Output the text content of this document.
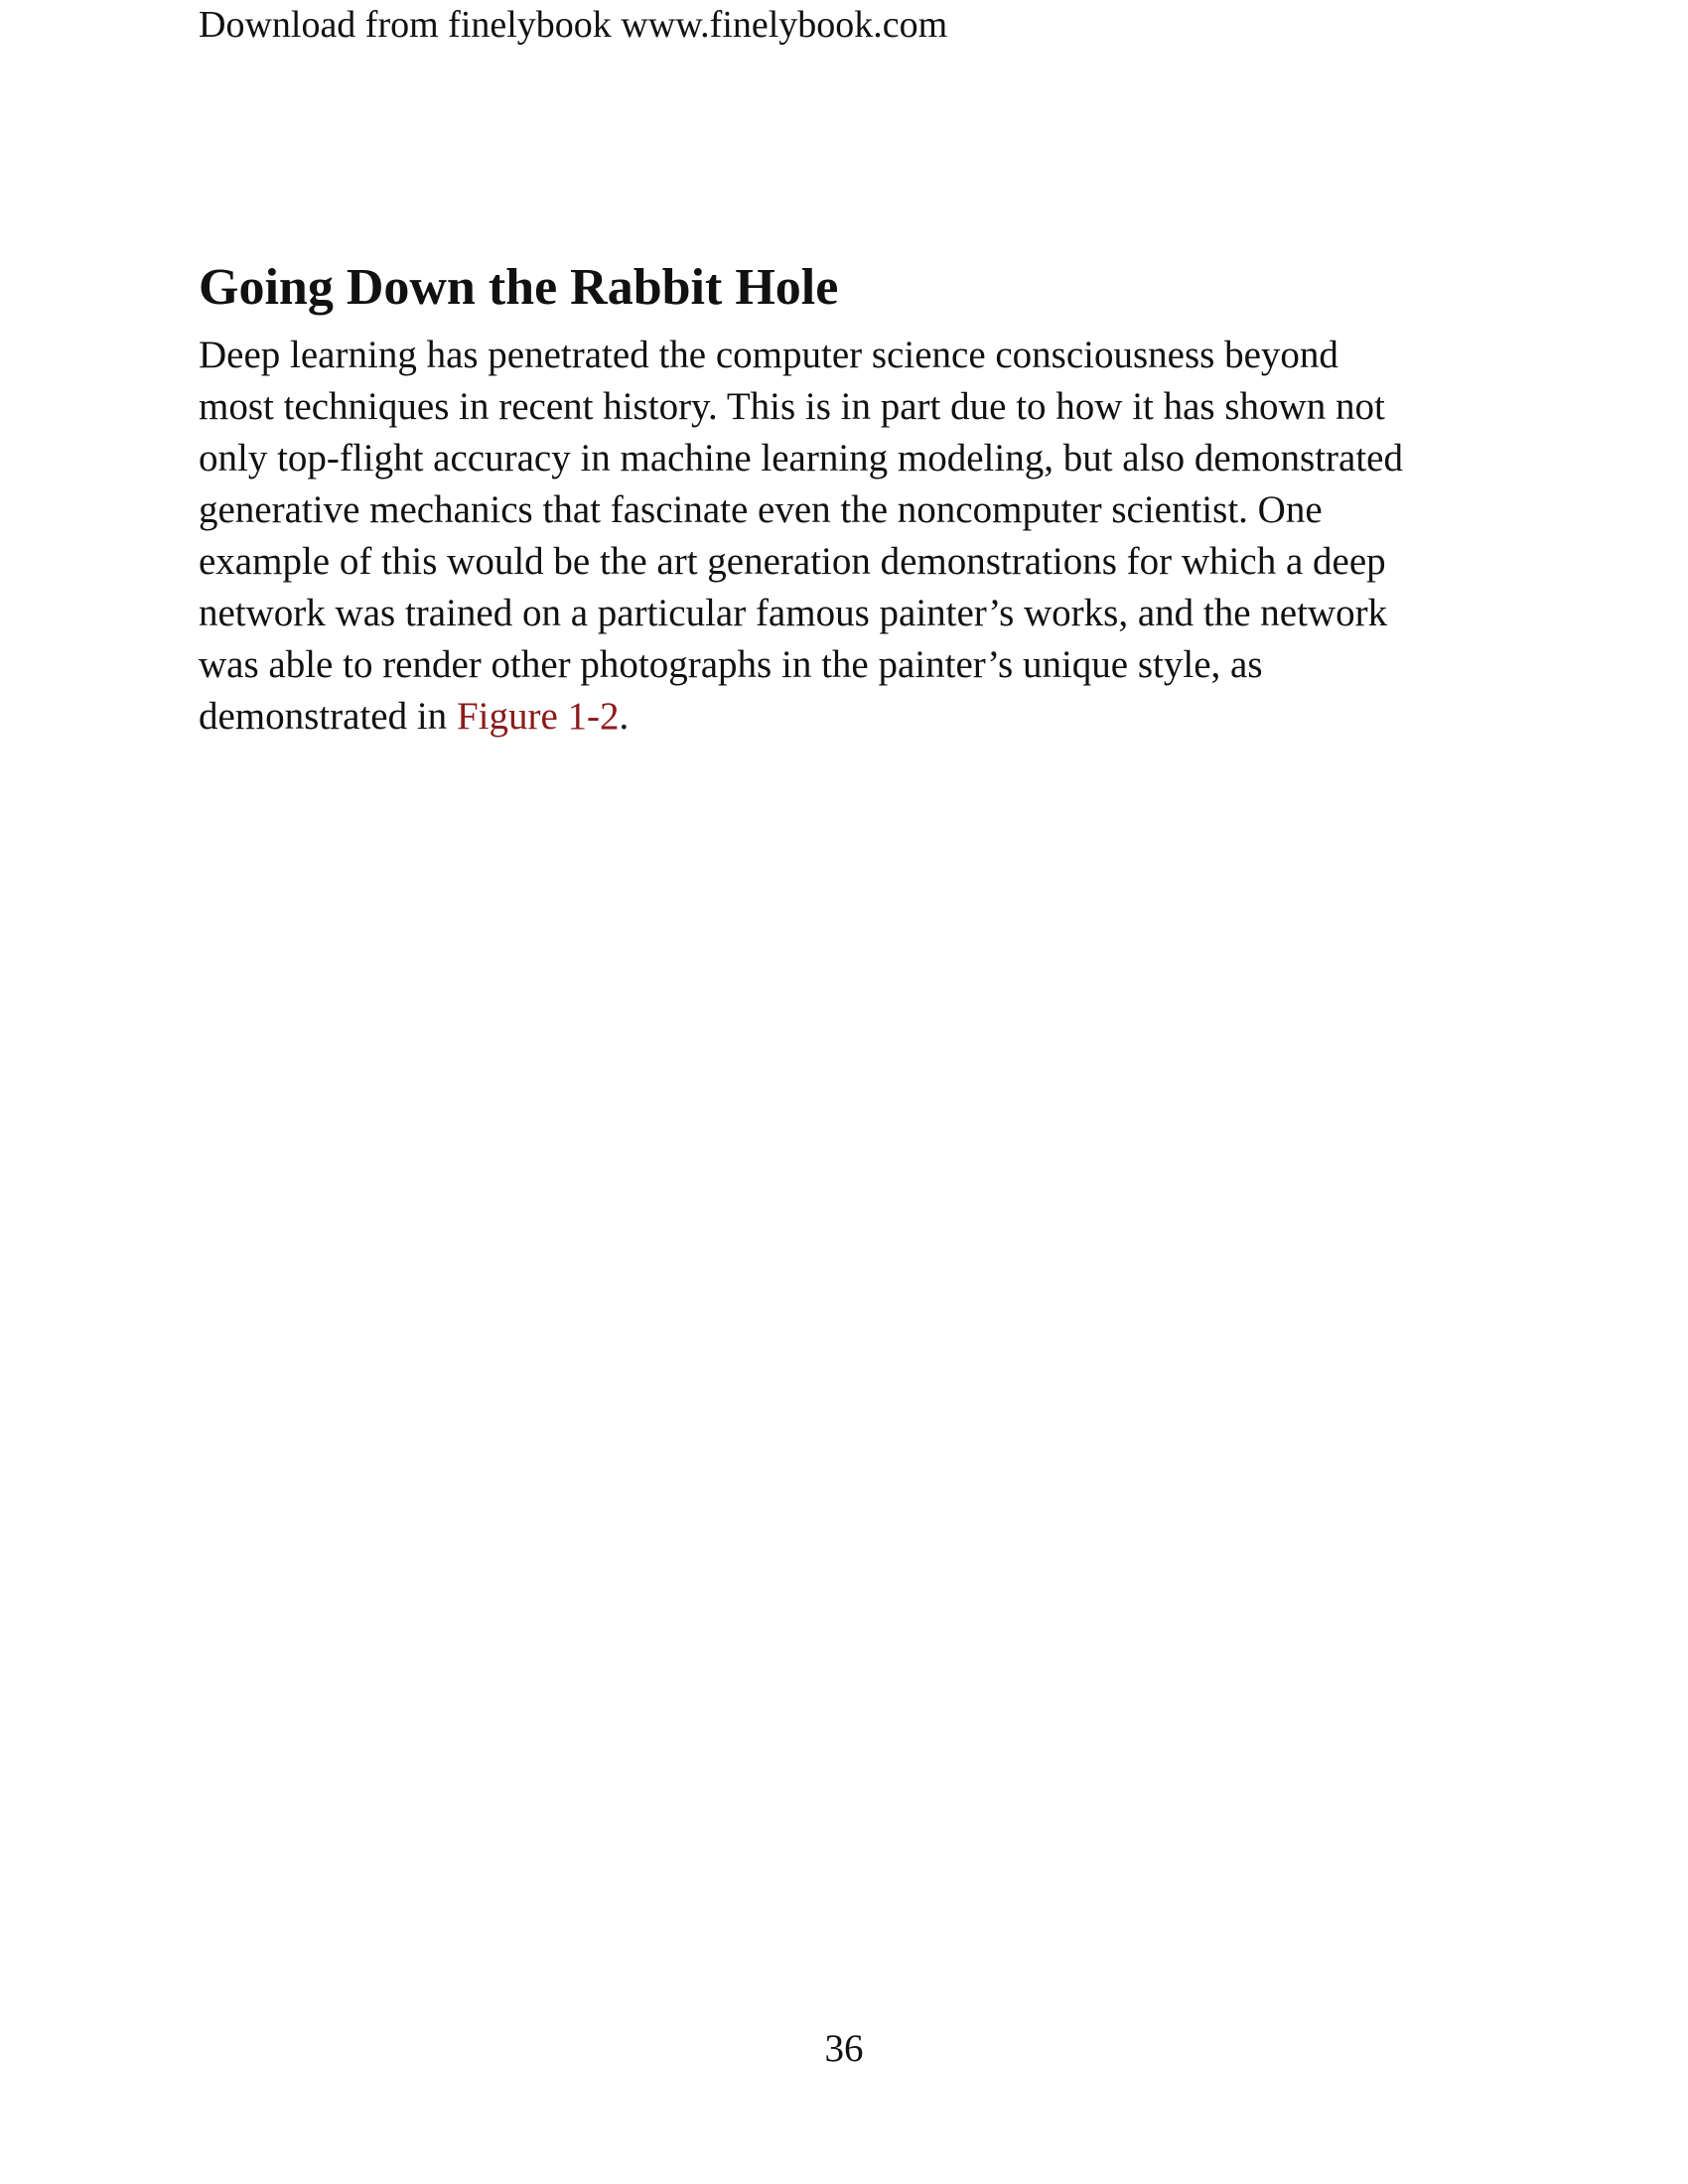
Download from finelybook www.finelybook.com
Going Down the Rabbit Hole

Deep learning has penetrated the computer science consciousness beyond
most techniques in recent history. This is in part due to how it has shown not
only top-flight accuracy in machine learning modeling, but also demonstrated
generative mechanics that fascinate even the noncomputer scientist. One
example of this would be the art generation demonstrations for which a deep
network was trained on a particular famous painter’s works, and the network
was able to render other photographs in the painter’s unique style, as
demonstrated in Figure 1-2.

36
